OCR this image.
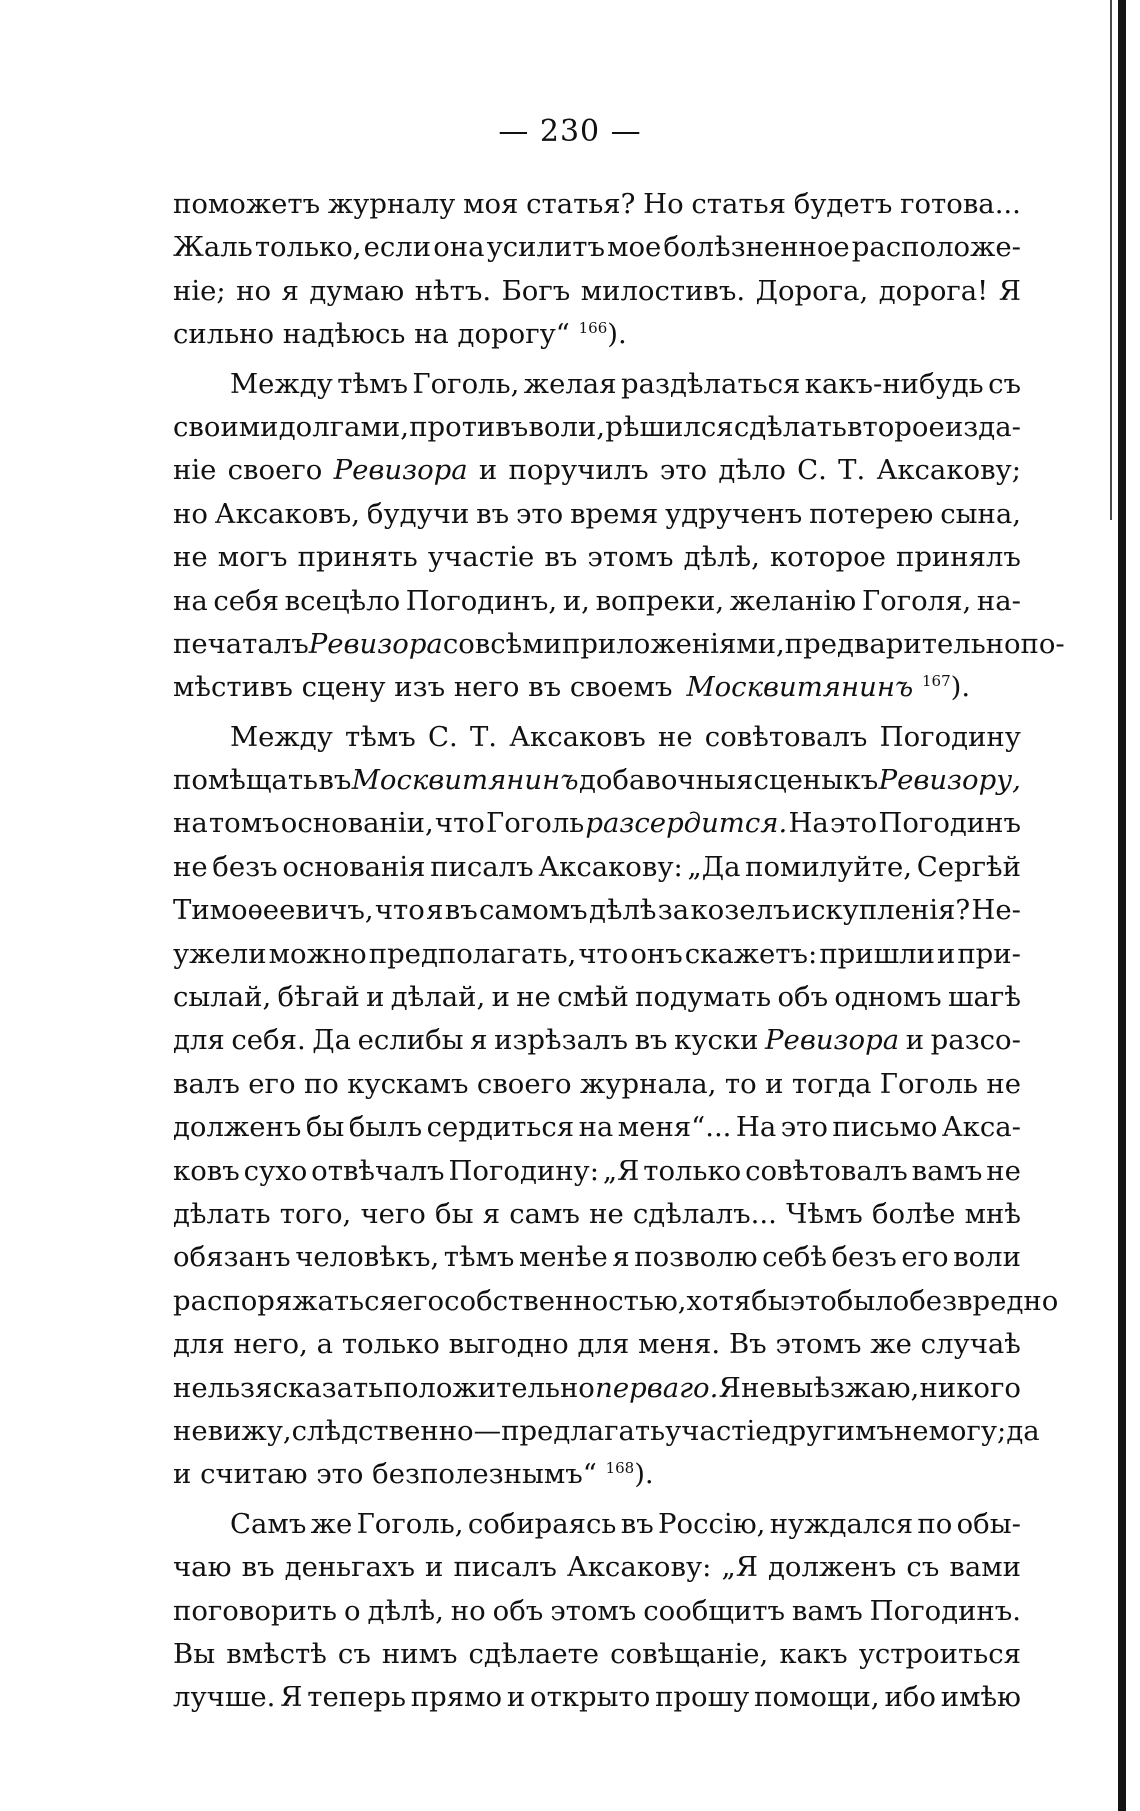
— 230 —
поможетъ журналу моя статья? Но статья будетъ готова...
Жаль только, если она усилитъ мое болѣзненное расположе-
ніе; но я думаю нѣтъ. Богъ милостивъ. Дорога, дорога! Я
сильно надѣюсь на дорогу“ $^{166}$).
Между тѣмъ Гоголь, желая раздѣлаться какъ-нибудь съ
своими долгами, противъ воли, рѣшился сдѣлать второе изда-
ніе своего Ревизора и поручилъ это дѣло С. Т. Аксакову;
но Аксаковъ, будучи въ это время удрученъ потерею сына,
не могъ принять участіе въ этомъ дѣлѣ, которое принялъ
на себя всецѣло Погодинъ, и, вопреки, желанію Гоголя, на-
печаталъ Ревизора со всѣми приложеніями, предварительно по-
мѣстивъ сцену изъ него въ своемъ Москвитянинъ $^{167}$).
Между тѣмъ С. Т. Аксаковъ не совѣтовалъ Погодину
помѣщать въ Москвитянинъ добавочныя сцены къ Ревизору,
на томъ основаніи, что Гоголь разсердится. На это Погодинъ
не безъ основанія писалъ Аксакову: „Да помилуйте, Сергѣй
Тимоѳеевичъ, что я въ самомъ дѣлѣ за козелъ искупленія? Не-
ужели можно предполагать, что онъ скажетъ: пришли и при-
сылай, бѣгай и дѣлай, и не смѣй подумать объ одномъ шагѣ
для себя. Да еслибы я изрѣзалъ въ куски Ревизора и разсо-
валъ его по кускамъ своего журнала, то и тогда Гоголь не
долженъ бы былъ сердиться на меня“... На это письмо Акса-
ковъ сухо отвѣчалъ Погодину: „Я только совѣтовалъ вамъ не
дѣлать того, чего бы я самъ не сдѣлалъ... Чѣмъ болѣе мнѣ
обязанъ человѣкъ, тѣмъ менѣе я позволю себѣ безъ его воли
распоряжаться его собственностью, хотя бы это было безвредно
для него, а только выгодно для меня. Въ этомъ же случаѣ
нельзя сказать положительно перваго. Я не выѣзжаю, никого
не вижу, слѣдственно—предлагать участіе другимъ не могу; да
и считаю это безполезнымъ“ $^{168}$).
Самъ же Гоголь, собираясь въ Россію, нуждался по обы-
чаю въ деньгахъ и писалъ Аксакову: „Я долженъ съ вами
поговорить о дѣлѣ, но объ этомъ сообщитъ вамъ Погодинъ.
Вы вмѣстѣ съ нимъ сдѣлаете совѣщаніе, какъ устроиться
лучше. Я теперь прямо и открыто прошу помощи, ибо имѣю
